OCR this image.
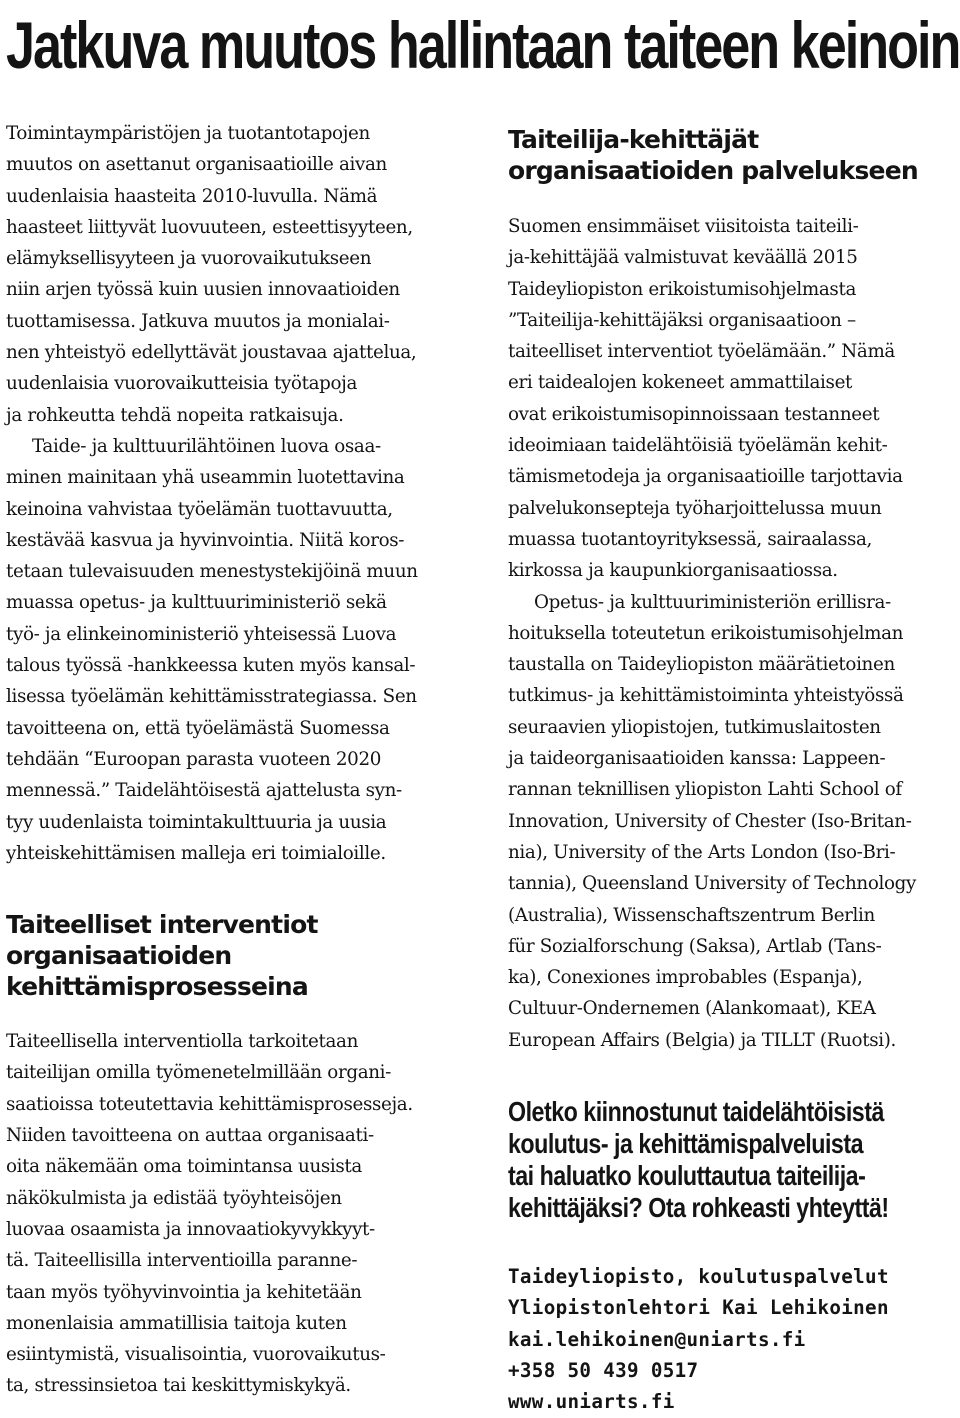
Jatkuva muutos hallintaan taiteen keinoin

Toimintaympäristöjen ja tuotantotapojen
muutos on asettanut organisaatioille aivan
uudenlaisia haasteita 2010-luvulla. Nämä
haasteet liittyvät luovuuteen, esteettisyyteen,
elämyksellisyyteen ja vuorovaikutukseen
niin arjen työssä kuin uusien innovaatioiden
tuottamisessa. Jatkuva muutos ja monialai-
nen yhteistyö edellyttävät joustavaa ajattelua,
uudenlaisia vuorovaikutteisia työtapoja
ja rohkeutta tehdä nopeita ratkaisuja.

Taide- ja kulttuurilähtöinen luova osaa-
minen mainitaan yhä useammin luotettavina
keinoina vahvistaa työelämän tuottavuutta,
kestävää kasvua ja hyvinvointia. Niitä koros-
tetaan tulevaisuuden menestystekijöinä muun
muassa opetus- ja kulttuuriministeriö sekä
työ- ja elinkeinoministeriö yhteisessä Luova
talous työssä -hankkeessa kuten myös kansal-
lisessa työelämän kehittämisstrategiassa. Sen
tavoitteena on, että työelämästä Suomessa
tehdään “Euroopan parasta vuoteen 2020
mennessä.” Taidelähtöisestä ajattelusta syn-
tyy uudenlaista toimintakulttuuria ja uusia
yhteiskehittämisen malleja eri toimialoille.

Taiteelliset interventiot
organisaatioiden
kehittämisprosesseina

Taiteellisella interventiolla tarkoitetaan
taiteilijan omilla työmenetelmillään organi-
saatioissa toteutettavia kehittämisprosesseja.
Niiden tavoitteena on auttaa organisaati-
oita näkemään oma toimintansa uusista
näkökulmista ja edistää työyhteisöjen
luovaa osaamista ja innovaatiokyvykkyyt-
tä. Taiteellisilla interventioilla paranne-
taan myös työhyvinvointia ja kehitetään
monenlaisia ammatillisia taitoja kuten
esiintymistä, visualisointia, vuorovaikutus-
ta, stressinsietoa tai keskittymiskykyä.

Taiteilija-kehittäjät
organisaatioiden palvelukseen

Suomen ensimmäiset viisitoista taiteili-
ja-kehittäjää valmistuvat keväällä 2015
Taideyliopiston erikoistumisohjelmasta
”Taiteilija-kehittäjäksi organisaatioon –
taiteelliset interventiot työelämään.” Nämä
eri taidealojen kokeneet ammattilaiset
ovat erikoistumisopinnoissaan testanneet
ideoimiaan taidelähtöisiä työelämän kehit-
tämismetodeja ja organisaatioille tarjottavia
palvelukonsepteja työharjoittelussa muun
muassa tuotantoyrityksessä, sairaalassa,
kirkossa ja kaupunkiorganisaatiossa.

Opetus- ja kulttuuriministeriön erillisra-
hoituksella toteutetun erikoistumisohjelman
taustalla on Taideyliopiston määrätietoinen
tutkimus- ja kehittämistoiminta yhteistyössä
seuraavien yliopistojen, tutkimuslaitosten
ja taideorganisaatioiden kanssa: Lappeen-
rannan teknillisen yliopiston Lahti School of
Innovation, University of Chester (Iso-Britan-
nia), University of the Arts London (Iso-Bri-
tannia), Queensland University of Technology
(Australia), Wissenschaftszentrum Berlin
für Sozialforschung (Saksa), Artlab (Tans-
ka), Conexiones improbables (Espanja),
Cultuur-Ondernemen (Alankomaat), KEA
European Affairs (Belgia) ja TILLT (Ruotsi).

Oletko kiinnostunut taidelähtöisistä
koulutus- ja kehittämispalveluista
tai haluatko kouluttautua taiteilija-
kehittäjäksi? Ota rohkeasti yhteyttä!

Taideyliopisto, koulutuspalvelut

Yliopistonlehtori Kai Lehikoinen

kai.lehikoinen@uniarts.fi

+358 50 439 0517

www.uniarts.fi
